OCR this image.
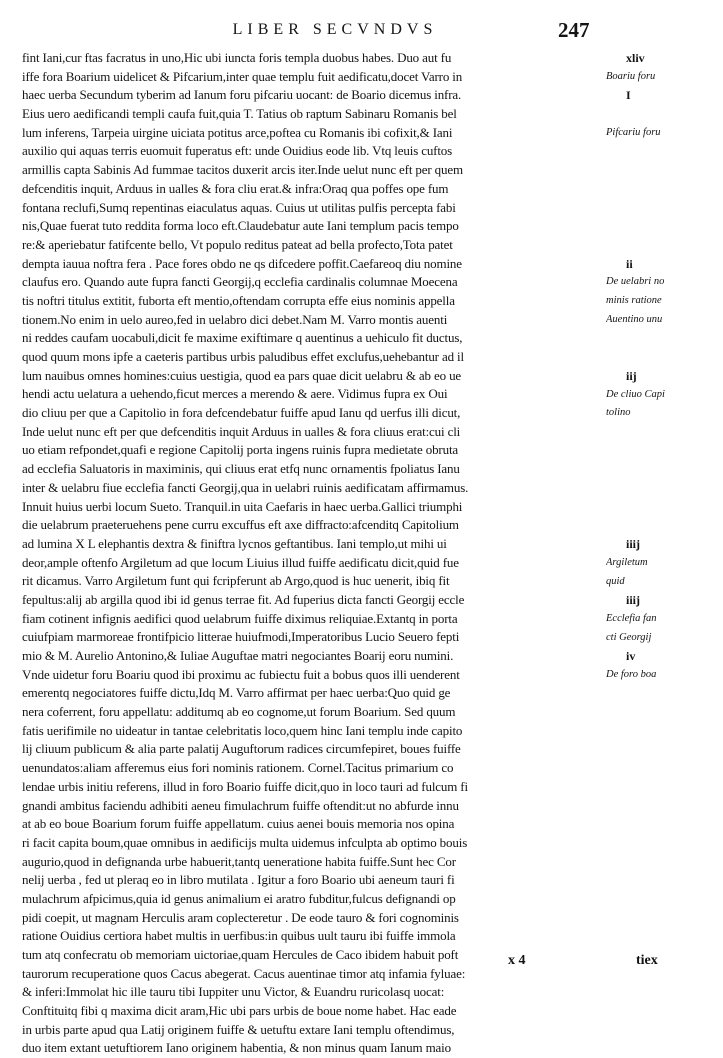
LIBER SECVNDVS	247
fint Iani,cur ftas facratus in uno,Hic ubi iuncta foris templa duobus habes. Duo aut fu
iffe fora Boarium uidelicet & Pifcarium,inter quae templu fuit aedificatu,docet Varro in
haec uerba Secundum tyberim ad Ianum foru pifcariu uocant: de Boario dicemus infra.
Eius uero aedificandi templi caufa fuit,quia T. Tatius ob raptum Sabinaru Romanis bel
lum inferens, Tarpeia uirgine uiciata potitus arce,poftea cu Romanis ibi cofixit,& Iani
auxilio qui aquas terris euomuit fuperatus eft: unde Ouidius eode lib. Vtq leuis cuftos
armillis capta Sabinis Ad fummae tacitos duxerit arcis iter.Inde uelut nunc eft per quem
defcenditis inquit, Arduus in ualles & fora cliu erat.& infra:Oraq qua poffes ope fum
fontana reclufi,Sumq repentinas eiaculatus aquas. Cuius ut utilitas pulfis percepta fabi
nis,Quae fuerat tuto reddita forma loco eft.Claudebatur aute Iani templum pacis tempo
re:& aperiebatur fatifcente bello, Vt populo reditus pateat ad bella profecto,Tota patet
dempta iauua noftra fera . Pace fores obdo ne qs difcedere poffit.Caefareoq diu nomine
claufus ero. Quando aute fupra fancti Georgij,q ecclefia cardinalis columnae Moecena
tis noftri titulus extitit, fuborta eft mentio,oftendam corrupta effe eius nominis appella
tionem.No enim in uelo aureo,fed in uelabro dici debet.Nam M. Varro montis auenti
ni reddes caufam uocabuli,dicit fe maxime exiftimare q auentinus a uehiculo fit ductus,
quod quum mons ipfe a caeteris partibus urbis paludibus effet exclufus,uehebantur ad il
lum nauibus omnes homines:cuius uestigia, quod ea pars quae dicit uelabru & ab eo ue
hendi actu uelatura a uehendo,ficut merces a merendo & aere. Vidimus fupra ex Oui
dio cliuu per que a Capitolio in fora defcendebatur fuiffe apud Ianu qd uerfus illi dicut,
Inde uelut nunc eft per que defcenditis inquit Arduus in ualles & fora cliuus erat:cui cli
uo etiam refpondet,quafi e regione Capitolij porta ingens ruinis fupra medietate obruta
ad ecclefia Saluatoris in maximinis, qui cliuus erat etfq nunc ornamentis fpoliatus Ianu
inter & uelabru fiue ecclefia fancti Georgij,qua in uelabri ruinis aedificatam affirmamus.
Innuit huius uerbi locum Sueto. Tranquil.in uita Caefaris in haec uerba.Gallici triumphi
die uelabrum praeteruehens pene curru excuffus eft axe diffracto:afcenditq Capitolium
ad lumina X L elephantis dextra & finiftra lycnos geftantibus. Iani templo,ut mihi ui
deor,ample oftenfo Argiletum ad que locum Liuius illud fuiffe aedificatu dicit,quid fue
rit dicamus. Varro Argiletum funt qui fcripferunt ab Argo,quod is huc uenerit, ibiq fit
fepultus:alij ab argilla quod ibi id genus terrae fit. Ad fuperius dicta fancti Georgij eccle
fiam cotinent infignis aedifici quod uelabrum fuiffe diximus reliquiae.Extantq in porta
cuiufpiam marmoreae frontifpicio litterae huiufmodi,Imperatoribus Lucio Seuero fepti
mio & M. Aurelio Antonino,& Iuliae Auguftae matri negociantes Boarij eoru numini.
Vnde uidetur foru Boariu quod ibi proximu ac fubiectu fuit a bobus quos illi uenderent
emerentq negociatores fuiffe dictu,Idq M. Varro affirmat per haec uerba:Quo quid ge
nera coferrent, foru appellatu: additumq ab eo cognome,ut forum Boarium. Sed quum
fatis uerifimile no uideatur in tantae celebritatis loco,quem hinc Iani templu inde capito
lij cliuum publicum & alia parte palatij Auguftorum radices circumfepiret, boues fuiffe
uenundatos:aliam afferemus eius fori nominis rationem. Cornel.Tacitus primarium co
lendae urbis initiu referens, illud in foro Boario fuiffe dicit,quo in loco tauri ad fulcum fi
gnandi ambitus faciendu adhibiti aeneu fimulachrum fuiffe oftendit:ut no abfurde innu
at ab eo boue Boarium forum fuiffe appellatum. cuius aenei bouis memoria nos opina
ri facit capita boum,quae omnibus in aedificijs multa uidemus infculpta ab optimo bouis
augurio,quod in defignanda urbe habuerit,tantq ueneratione habita fuiffe.Sunt hec Cor
nelij uerba , fed ut pleraq eo in libro mutilata . Igitur a foro Boario ubi aeneum tauri fi
mulachrum afpicimus,quia id genus animalium ei aratro fubditur,fulcus defignandi op
pidi coepit, ut magnam Herculis aram coplecteretur . De eode tauro & fori cognominis
ratione Ouidius certiora habet multis in uerfibus:in quibus uult tauru ibi fuiffe immola
tum atq confecratu ob memoriam uictoriae,quam Hercules de Caco ibidem habuit poft
taurorum recuperatione quos Cacus abegerat. Cacus auentinae timor atq infamia fyluae:
& inferi:Immolat hic ille tauru tibi Iuppiter unu Victor, & Euandru ruricolasq uocat:
Conftituitq fibi q maxima dicit aram,Hic ubi pars urbis de boue nome habet. Hac eade
in urbis parte apud qua Latij originem fuiffe & uetuftu extare Iani templu oftendimus,
duo item extant uetuftiorem Iano originem habentia, & non minus quam Ianum maio
xliv
Boariu foru
I
Pifcariu foru
ii
De uelabri no
minis ratione
Auentino unu
iij
De cliuo Capi
tolino
iiij
Argiletum
quid
iiij
Ecclefia fan
cti Georgij
iv
De foro boa
x 4	tiex
